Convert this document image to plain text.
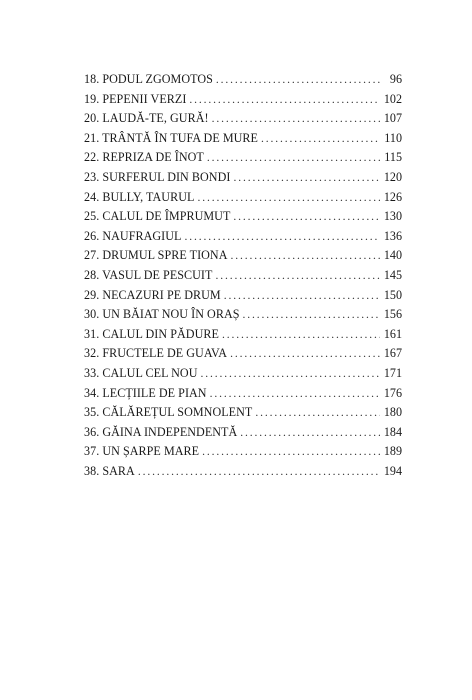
18. PODUL ZGOMOTOS . . .	96
19. PEPENII VERZI . . .	102
20. LAUDĂ-TE, GURĂ! . . .	107
21. TRÂNTĂ ÎN TUFA DE MURE . . .	110
22. REPRIZA DE ÎNOT . . .	115
23. SURFERUL DIN BONDI . . .	120
24. BULLY, TAURUL . . .	126
25. CALUL DE ÎMPRUMUT . . .	130
26. NAUFRAGIUL . . .	136
27. DRUMUL SPRE TIONA . . .	140
28. VASUL DE PESCUIT . . .	145
29. NECAZURI PE DRUM . . .	150
30. UN BĂIAT NOU ÎN ORAȘ . . .	156
31. CALUL DIN PĂDURE . . .	161
32. FRUCTELE DE GUAVA . . .	167
33. CALUL CEL NOU . . .	171
34. LECȚIILE DE PIAN . . .	176
35. CĂLĂREȚUL SOMNOLENT . . .	180
36. GĂINA INDEPENDENTĂ . . .	184
37. UN ȘARPE MARE . . .	189
38. SARA . . .	194
